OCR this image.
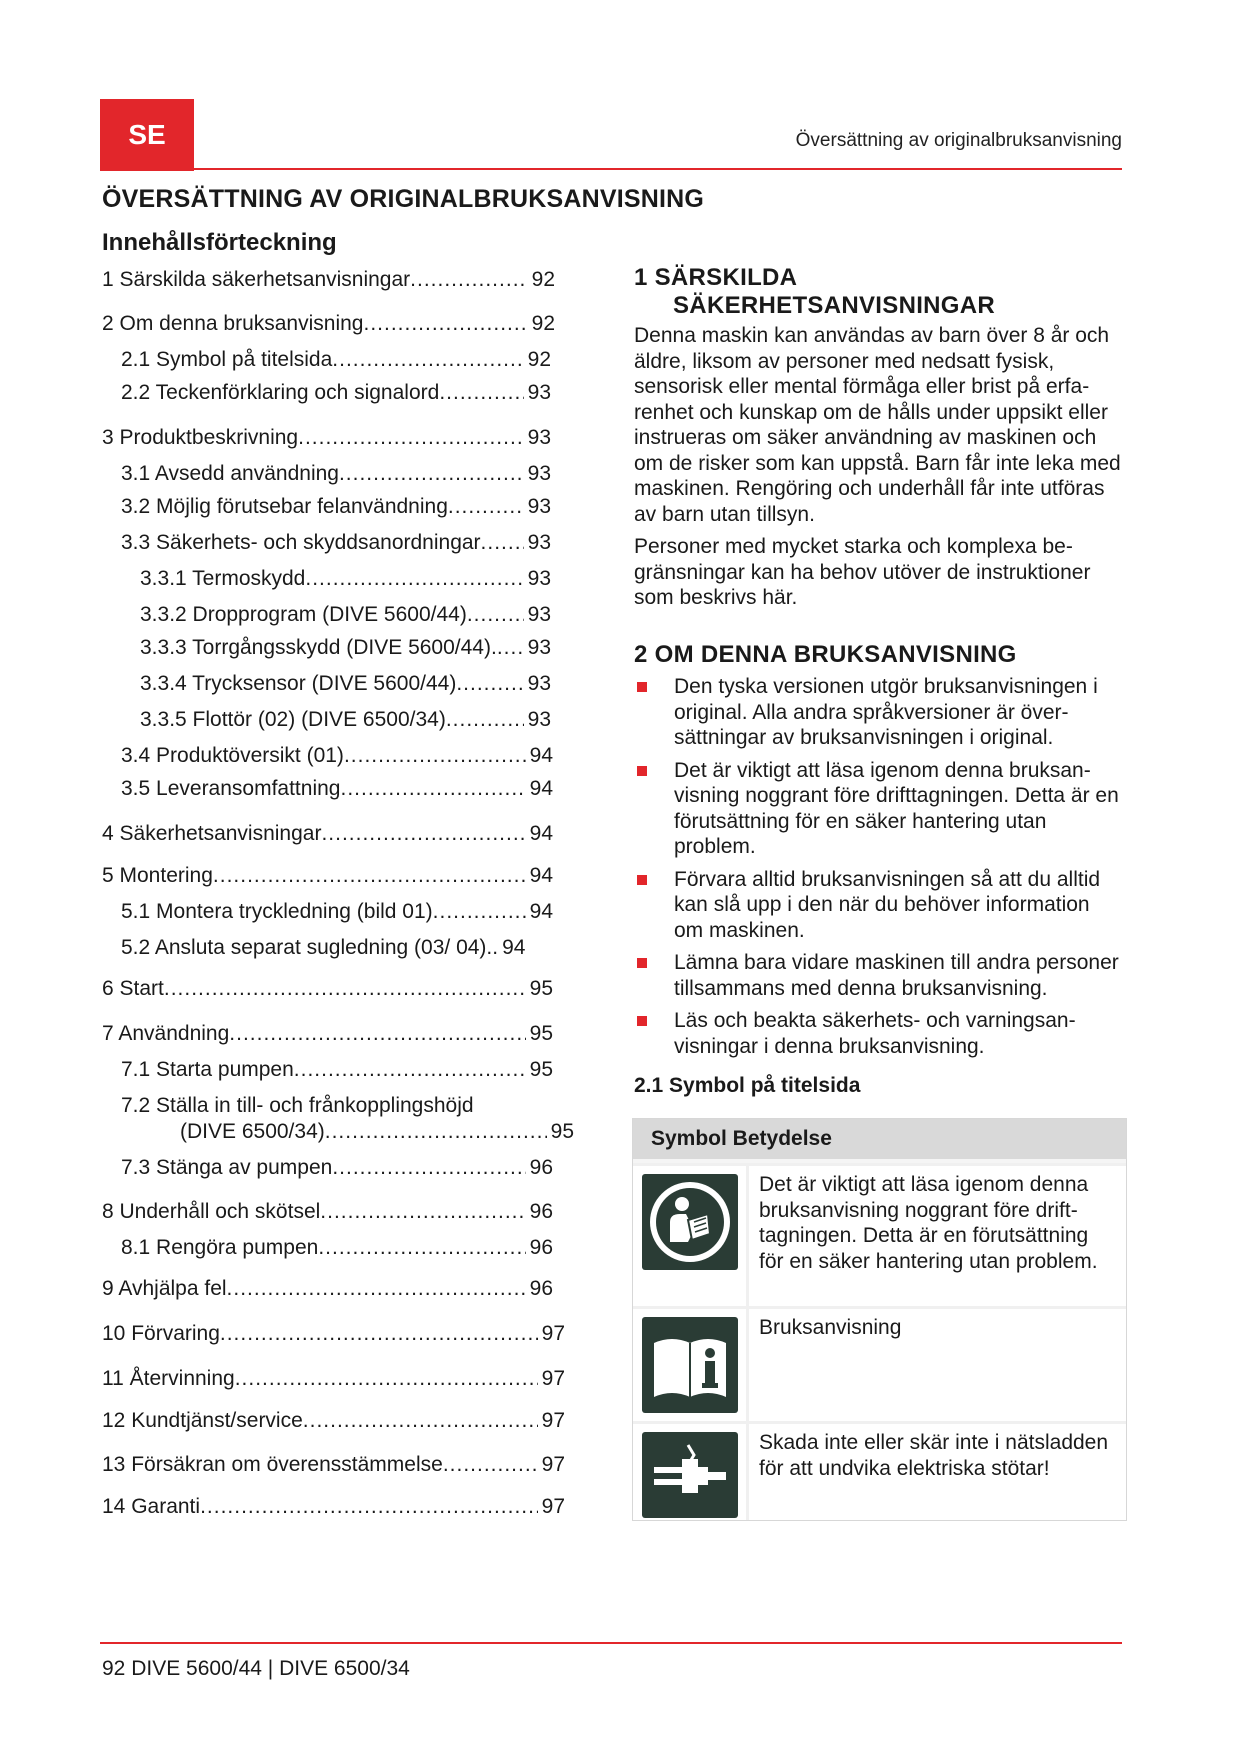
SE	Översättning av originalbruksanvisning
ÖVERSÄTTNING AV ORIGINALBRUKSANVISNING
Innehållsförteckning
1 Särskilda säkerhetsanvisningar .....	92
2 Om denna bruksanvisning .....	92
2.1 Symbol på titelsida .....	92
2.2 Teckenförklaring och signalord .....	93
3 Produktbeskrivning .....	93
3.1 Avsedd användning .....	93
3.2 Möjlig förutsebar felanvändning .....	93
3.3 Säkerhets- och skyddsanordningar ..... 93
3.3.1 Termoskydd .....	93
3.3.2 Dropprogram (DIVE 5600/44) .....	93
3.3.3 Torrgångsskydd (DIVE 5600/44). ..... 93
3.3.4 Trycksensor (DIVE 5600/44) .....	93
3.3.5 Flottör (02) (DIVE 6500/34) .....	93
3.4 Produktöversikt (01) .....	94
3.5 Leveransomfattning .....	94
4 Säkerhetsanvisningar .....	94
5 Montering .....	94
5.1 Montera tryckledning (bild 01) .....	94
5.2 Ansluta separat sugledning (03/ 04).. 94
6 Start .....	95
7 Användning .....	95
7.1 Starta pumpen .....	95
7.2 Ställa in till- och frånkopplingshöjd
(DIVE 6500/34) .....	95
7.3 Stänga av pumpen .....	96
8 Underhåll och skötsel .....	96
8.1 Rengöra pumpen .....	96
9 Avhjälpa fel .....	96
10 Förvaring .....	97
11 Återvinning .....	97
12 Kundtjänst/service .....	97
13 Försäkran om överensstämmelse .....	97
14 Garanti .....	97
1 SÄRSKILDA
SÄKERHETSANVISNINGAR
Denna maskin kan användas av barn över 8 år och äldre, liksom av personer med nedsatt fysisk, sensorisk eller mental förmåga eller brist på erfarenhet och kunskap om de hålls under uppsikt eller instrueras om säker användning av maskinen och om de risker som kan uppstå. Barn får inte leka med maskinen. Rengöring och underhåll får inte utföras av barn utan tillsyn.
Personer med mycket starka och komplexa begränsningar kan ha behov utöver de instruktioner som beskrivs här.
2 OM DENNA BRUKSANVISNING
Den tyska versionen utgör bruksanvisningen i original. Alla andra språkversioner är översättningar av bruksanvisningen i original.
Det är viktigt att läsa igenom denna bruksanvisning noggrant före drifttagningen. Detta är en förutsättning för en säker hantering utan problem.
Förvara alltid bruksanvisningen så att du alltid kan slå upp i den när du behöver information om maskinen.
Lämna bara vidare maskinen till andra personer tillsammans med denna bruksanvisning.
Läs och beakta säkerhets- och varningsanvisningar i denna bruksanvisning.
2.1 Symbol på titelsida
Symbol Betydelse
Det är viktigt att läsa igenom denna bruksanvisning noggrant före drifttagningen. Detta är en förutsättning för en säker hantering utan problem.
Bruksanvisning
Skada inte eller skär inte i nätsladden för att undvika elektriska stötar!
92 DIVE 5600/44 | DIVE 6500/34
